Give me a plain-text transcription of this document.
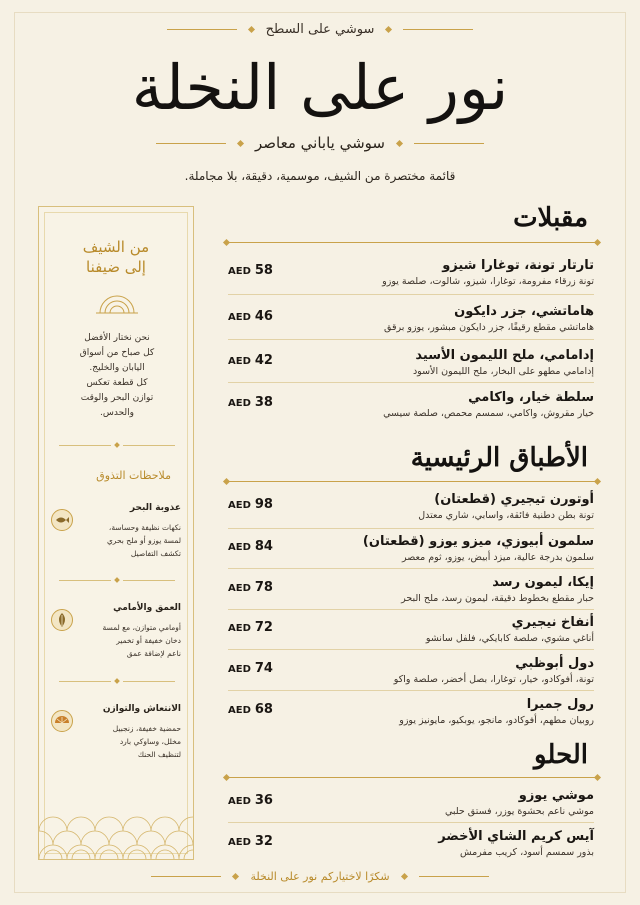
سوشي على السطح
نور على النخلة
سوشي ياباني معاصر
قائمة مختصرة من الشيف، موسمية، دقيقة، بلا مجاملة.
من الشيف
إلى ضيفنا
نحن نختار الأفضل
كل صباح من أسواق
اليابان والخليج.
كل قطعة تعكس
توازن البحر والوقت
والحدس.
ملاحظات التذوق
عذوبة البحر
نكهات نظيفة وحساسة،
لمسة يوزو أو ملح بحري
تكشف التفاصيل
العمق والأمامي
أومامي متوازن، مع لمسة
دخان خفيفة أو تخمير
ناعم لإضافة عمق
الانتعاش والتوازن
حمضية خفيفة، زنجبيل
مخلل، وساوكي بارد
لتنظيف الحنك
مقبلات
تارتار تونة، توغارا شيزو
تونة زرقاء مفرومة، توغارا، شيزو، شالوت، صلصة يوزو
AED 58
هاماتشي، جزر دايكون
هاماتشي مقطع رقيقًا، جزر دايكون مبشور، يوزو برقق
AED 46
إدامامي، ملح الليمون الأسيد
إدامامي مطهو على البخار، ملح الليمون الأسود
AED 42
سلطة خيار، واكامي
خيار مقروش، واكامي، سمسم محمص، صلصة سيسي
AED 38
الأطباق الرئيسية
أوتورن تيجيري (قطعتان)
تونة بطن دطنية فائقة، واسابي، شاري معتدل
AED 98
سلمون أبيوزي، ميزو يوزو (قطعتان)
سلمون بدرجة عالية، ميزد أبيض، يوزو، ثوم معصر
AED 84
إيكا، ليمون رسد
حبار مقطع بخطوط دقيقة، ليمون رسد، ملح البحر
AED 78
أنفاخ نيجيري
أناغي مشوي، صلصة كابايكي، فلفل سانشو
AED 72
دول أبوظبي
تونة، أفوكادو، خيار، توغارا، بصل أخضر، صلصة واكو
AED 74
رول جميرا
روبيان مطهم، أفوكادو، مانجو، يوبكيو، مايونيز يوزو
AED 68
الحلو
موشي يوزو
موشي ناعم بحشوة يوزر، فستق حلبي
AED 36
آيس كريم الشاي الأخضر
بذور سمسم أسود، كريب مفرمش
AED 32
شكرًا لاختياركم نور على النخلة
